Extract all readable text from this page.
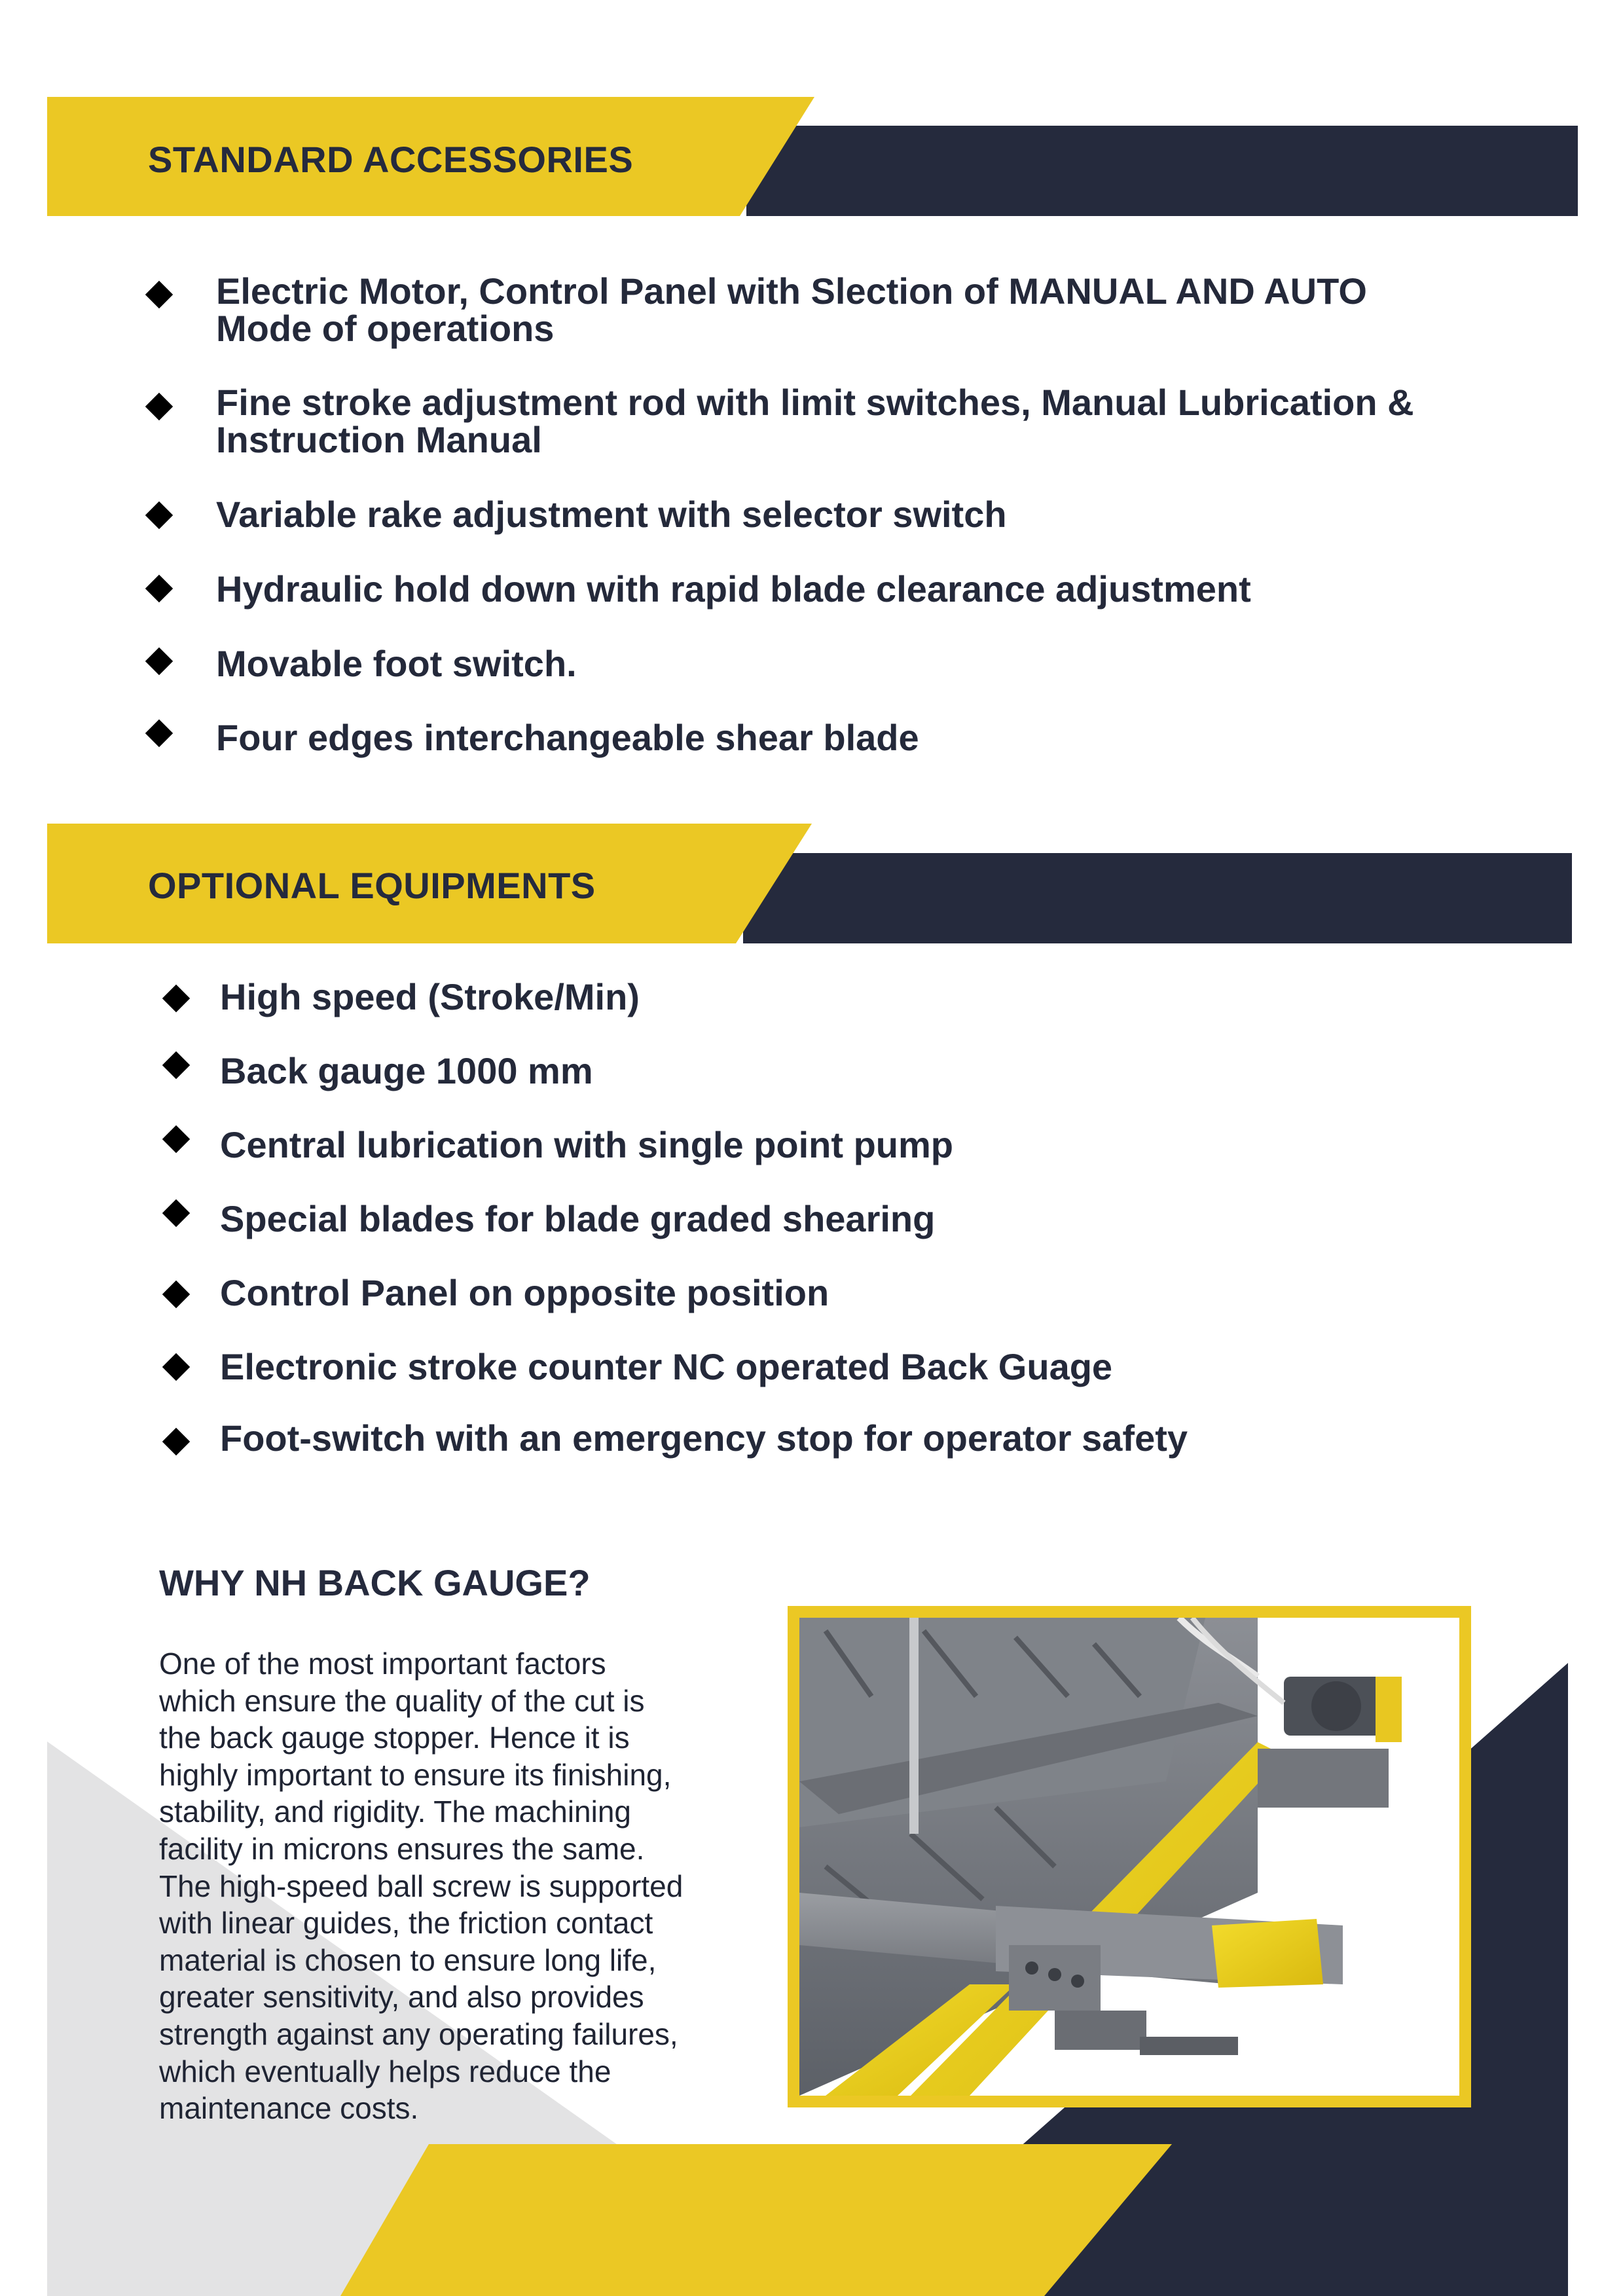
STANDARD ACCESSORIES
Electric Motor, Control Panel with Slection of MANUAL AND AUTO
Mode of operations
Fine stroke adjustment rod with limit switches, Manual Lubrication &
Instruction Manual
Variable rake adjustment with selector switch
Hydraulic hold down with rapid blade clearance adjustment
Movable foot switch.
Four edges interchangeable shear blade
OPTIONAL EQUIPMENTS
High speed (Stroke/Min)
Back gauge 1000 mm
Central lubrication with single point pump
Special blades for blade graded shearing
Control Panel on opposite position
Electronic stroke counter NC operated Back Guage
Foot-switch with an emergency stop for operator safety
WHY NH BACK GAUGE?
One of the most important factors
which ensure the quality of the cut is
the back gauge stopper. Hence it is
highly important to ensure its finishing,
stability, and rigidity. The machining
facility in microns ensures the same.
The high-speed ball screw is supported
with linear guides, the friction contact
material is chosen to ensure long life,
greater sensitivity, and also provides
strength against any operating failures,
which eventually helps reduce the
maintenance costs.
